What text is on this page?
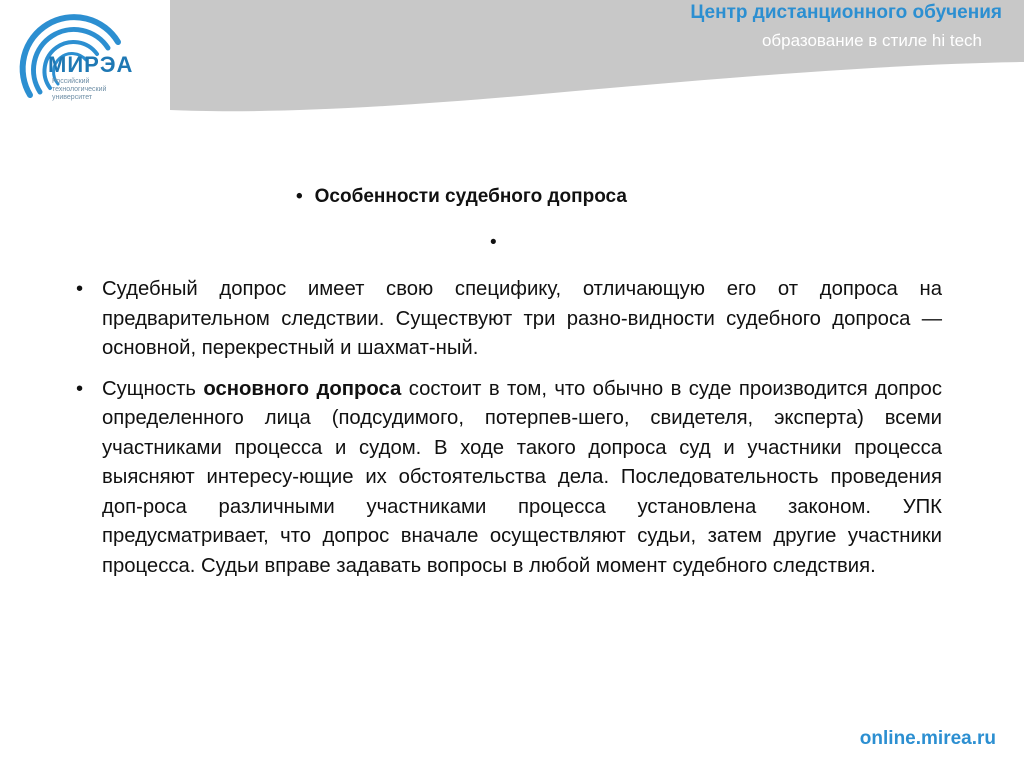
МИРЭА
Российский технологический университет
Центр дистанционного обучения
образование в стиле hi tech
• Особенности судебного допроса
•
• Судебный допрос имеет свою специфику, отличающую его от допроса на предварительном следствии. Существуют три разно-видности судебного допроса — основной, перекрестный и шахмат-ный.
• Сущность основного допроса состоит в том, что обычно в суде производится допрос определенного лица (подсудимого, потерпев-шего, свидетеля, эксперта) всеми участниками процесса и судом. В ходе такого допроса суд и участники процесса выясняют интересу-ющие их обстоятельства дела. Последовательность проведения доп-роса различными участниками процесса установлена законом. УПК предусматривает, что допрос вначале осуществляют судьи, затем другие участники процесса. Судьи вправе задавать вопросы в любой момент судебного следствия.
online.mirea.ru
